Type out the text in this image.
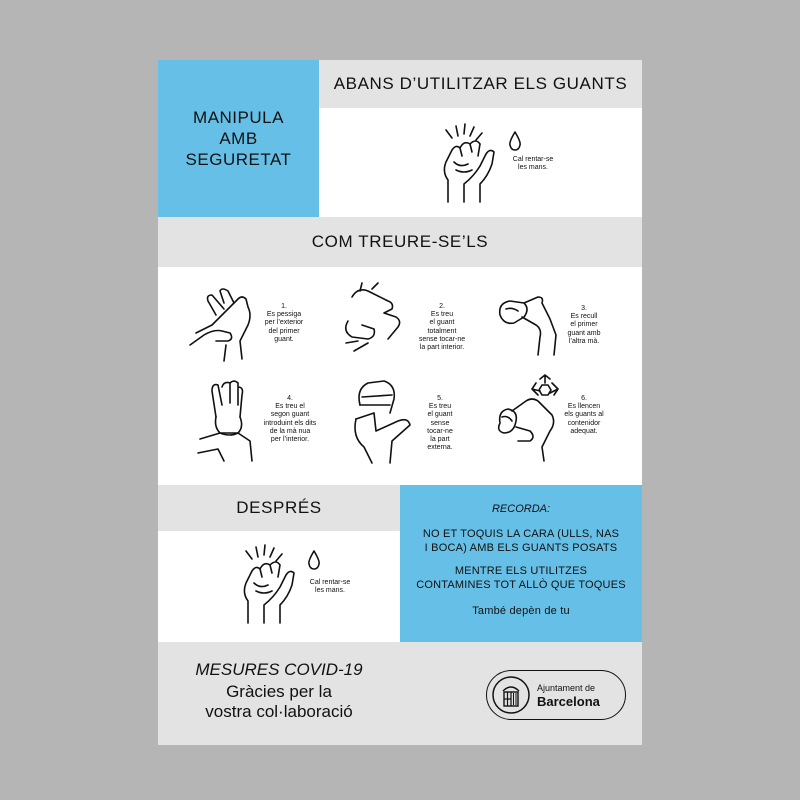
MANIPULA
AMB
SEGURETAT
ABANS D’UTILITZAR ELS GUANTS
Cal rentar-se
les mans.
COM TREURE-SE’LS
1.
Es pessiga
per l’exterior
del primer
guant.
2.
Es treu
el guant
totalment
sense tocar-ne
la part interior.
3.
Es recull
el primer
guant amb
l’altra mà.
4.
Es treu el
segon guant
introduint els dits
de la mà nua
per l’interior.
5.
Es treu
el guant
sense
tocar-ne
la part
externa.
6.
Es llencen
els guants al
contenidor
adequat.
DESPRÉS
Cal rentar-se
les mans.
RECORDA:
NO ET TOQUIS LA CARA (ULLS, NAS
I BOCA) AMB ELS GUANTS POSATS
MENTRE ELS UTILITZES
CONTAMINES TOT ALLÒ QUE TOQUES
També depèn de tu
MESURES COVID-19
Gràcies per la
vostra col·laboració
Ajuntament de
Barcelona
